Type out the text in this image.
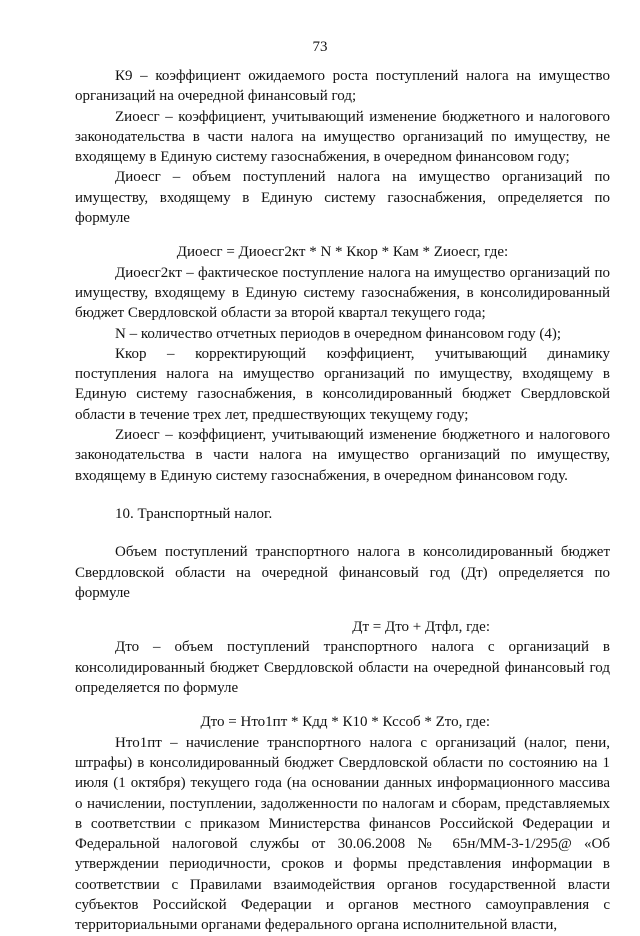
73

К9 – коэффициент ожидаемого роста поступлений налога на имущество организаций на очередной финансовый год;

Zиоесг – коэффициент, учитывающий изменение бюджетного и налогового законодательства в части налога на имущество организаций по имуществу, не входящему в Единую систему газоснабжения, в очередном финансовом году;

Диоесг – объем поступлений налога на имущество организаций по имуществу, входящему в Единую систему газоснабжения, определяется по формуле

Диоесг = Диоесг2кт * N * Ккор * Кам * Zиоесг, где:

Диоесг2кт – фактическое поступление налога на имущество организаций по имуществу, входящему в Единую систему газоснабжения, в консолидированный бюджет Свердловской области за второй квартал текущего года;

N – количество отчетных периодов в очередном финансовом году (4);

Ккор – корректирующий коэффициент, учитывающий динамику поступления налога на имущество организаций по имуществу, входящему в Единую систему газоснабжения, в консолидированный бюджет Свердловской области в течение трех лет, предшествующих текущему году;

Zиоесг – коэффициент, учитывающий изменение бюджетного и налогового законодательства в части налога на имущество организаций по имуществу, входящему в Единую систему газоснабжения, в очередном финансовом году.

10. Транспортный налог.

Объем поступлений транспортного налога в консолидированный бюджет Свердловской области на очередной финансовый год (Дт) определяется по формуле

Дт = Дто + Дтфл, где:

Дто – объем поступлений транспортного налога с организаций в консолидированный бюджет Свердловской области на очередной финансовый год определяется по формуле

Дто = Нто1пт * Кдд * К10 * Кссоб * Zто, где:

Нто1пт – начисление транспортного налога с организаций (налог, пени, штрафы) в консолидированный бюджет Свердловской области по состоянию на 1 июля (1 октября) текущего года (на основании данных информационного массива о начислении, поступлении, задолженности по налогам и сборам, представляемых в соответствии с приказом Министерства финансов Российской Федерации и Федеральной налоговой службы от 30.06.2008 № 65н/ММ-3-1/295@ «Об утверждении периодичности, сроков и формы представления информации в соответствии с Правилами взаимодействия органов государственной власти субъектов Российской Федерации и органов местного самоуправления с территориальными органами федерального органа исполнительной власти,
